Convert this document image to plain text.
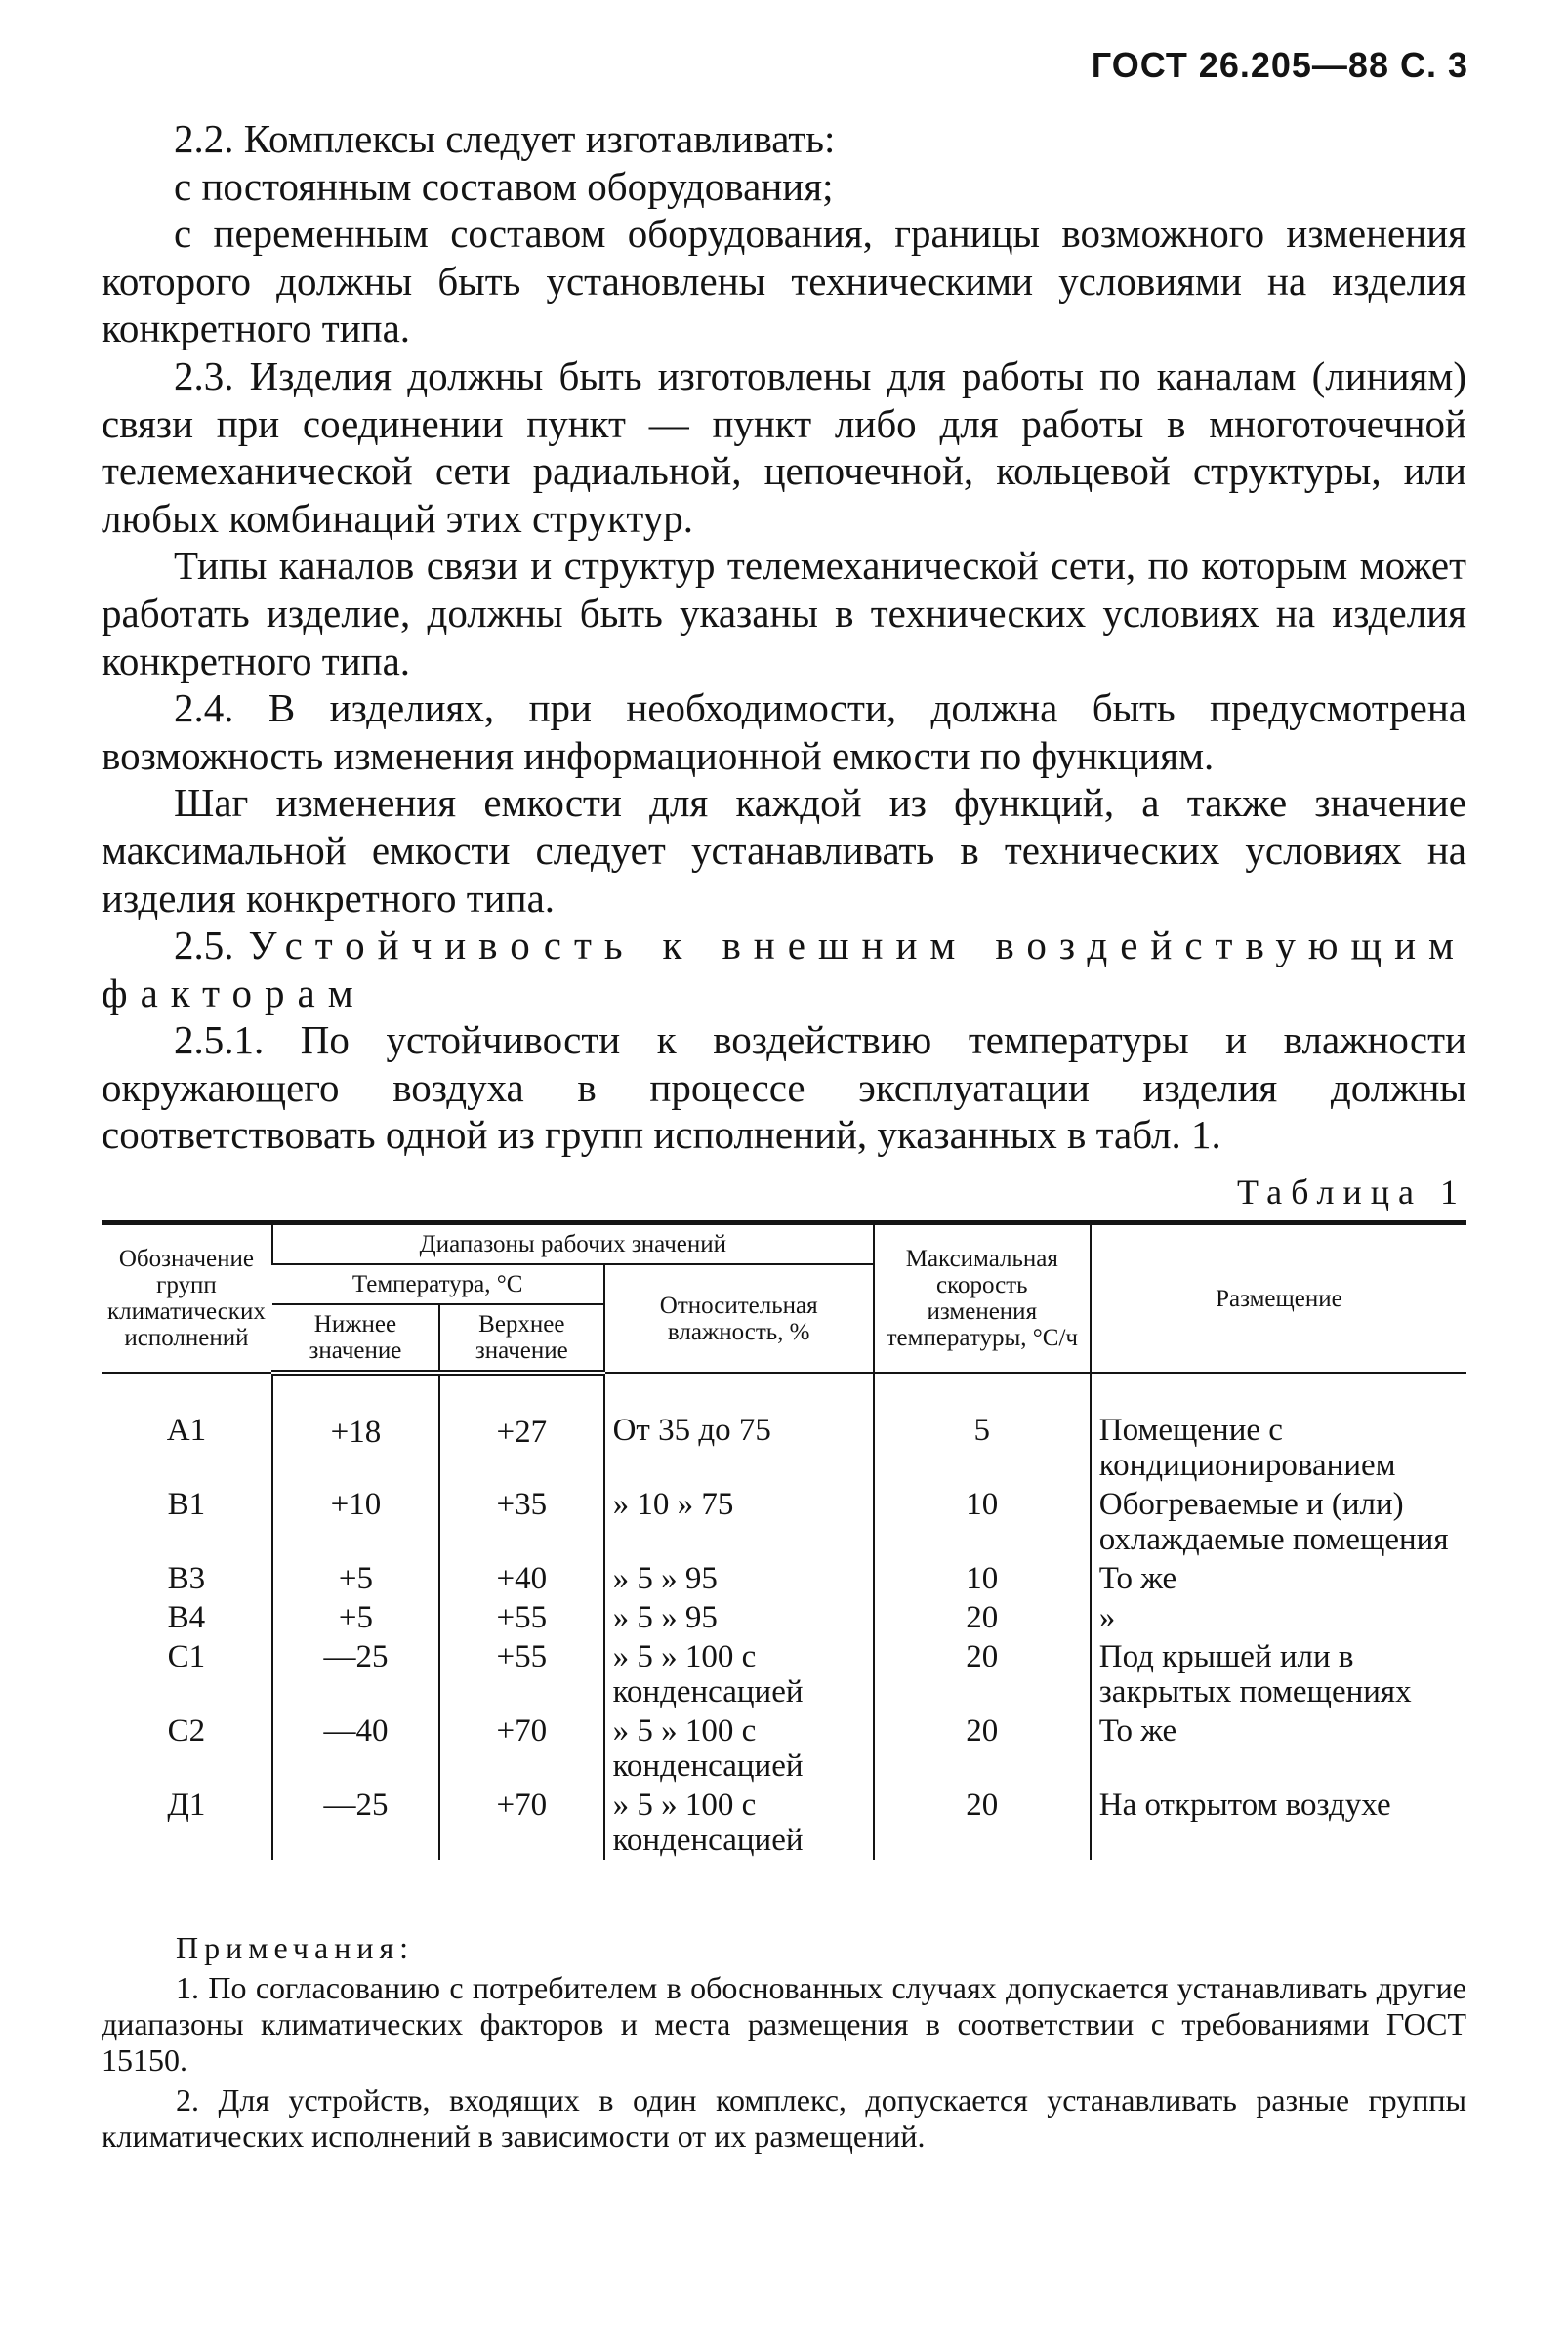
ГОСТ 26.205—88 С. 3

2.2. Комплексы следует изготавливать:

с постоянным составом оборудования;

с переменным составом оборудования, границы возможного изменения которого должны быть установлены техническими условиями на изделия конкретного типа.

2.3. Изделия должны быть изготовлены для работы по каналам (линиям) связи при соединении пункт — пункт либо для работы в многоточечной телемеханической сети радиальной, цепочечной, кольцевой структуры, или любых комбинаций этих структур.

Типы каналов связи и структур телемеханической сети, по которым может работать изделие, должны быть указаны в технических условиях на изделия конкретного типа.

2.4. В изделиях, при необходимости, должна быть предусмотрена возможность изменения информационной емкости по функциям.

Шаг изменения емкости для каждой из функций, а также значение максимальной емкости следует устанавливать в технических условиях на изделия конкретного типа.

2.5. Устойчивость к внешним воздействующим факторам

2.5.1. По устойчивости к воздействию температуры и влажности окружающего воздуха в процессе эксплуатации изделия должны соответствовать одной из групп исполнений, указанных в табл. 1.

Таблица 1
Обозначение групп климатических исполнений	Диапазоны рабочих значений			Максимальная скорость изменения температуры, °С/ч	Размещение
	Температура, °С		Относительная влажность, %		
	Нижнее значение	Верхнее значение			
А1	+18	+27	От 35 до 75	5	Помещение с кондиционированием
В1	+10	+35	» 10 » 75	10	Обогреваемые и (или) охлаждаемые помещения
В3	+5	+40	» 5 » 95	10	То же
В4	+5	+55	» 5 » 95	20	»
С1	—25	+55	» 5 » 100 с конденсацией	20	Под крышей или в закрытых помещениях
С2	—40	+70	» 5 » 100 с конденсацией	20	То же
Д1	—25	+70	» 5 » 100 с конденсацией	20	На открытом воздухе
Примечания:

1. По согласованию с потребителем в обоснованных случаях допускается устанавливать другие диапазоны климатических факторов и места размещения в соответствии с требованиями ГОСТ 15150.

2. Для устройств, входящих в один комплекс, допускается устанавливать разные группы климатических исполнений в зависимости от их размещений.
